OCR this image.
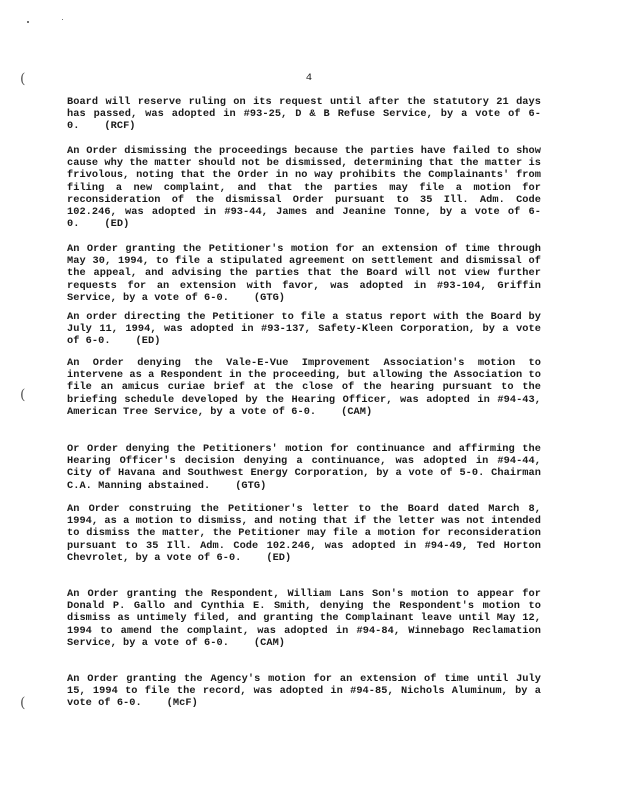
(
(
(
4

Board will reserve ruling on its request until after the statutory 21 days has passed, was adopted in #93-25, D & B Refuse Service, by a vote of 6-0. (RCF)

An Order dismissing the proceedings because the parties have failed to show cause why the matter should not be dismissed, determining that the matter is frivolous, noting that the Order in no way prohibits the Complainants' from filing a new complaint, and that the parties may file a motion for reconsideration of the dismissal Order pursuant to 35 Ill. Adm. Code 102.246, was adopted in #93-44, James and Jeanine Tonne, by a vote of 6-0. (ED)

An Order granting the Petitioner's motion for an extension of time through May 30, 1994, to file a stipulated agreement on settlement and dismissal of the appeal, and advising the parties that the Board will not view further requests for an extension with favor, was adopted in #93-104, Griffin Service, by a vote of 6-0. (GTG)

An order directing the Petitioner to file a status report with the Board by July 11, 1994, was adopted in #93-137, Safety-Kleen Corporation, by a vote of 6-0. (ED)

An Order denying the Vale-E-Vue Improvement Association's motion to intervene as a Respondent in the proceeding, but allowing the Association to file an amicus curiae brief at the close of the hearing pursuant to the briefing schedule developed by the Hearing Officer, was adopted in #94-43, American Tree Service, by a vote of 6-0. (CAM)

Or Order denying the Petitioners' motion for continuance and affirming the Hearing Officer's decision denying a continuance, was adopted in #94-44, City of Havana and Southwest Energy Corporation, by a vote of 5-0. Chairman C.A. Manning abstained. (GTG)

An Order construing the Petitioner's letter to the Board dated March 8, 1994, as a motion to dismiss, and noting that if the letter was not intended to dismiss the matter, the Petitioner may file a motion for reconsideration pursuant to 35 Ill. Adm. Code 102.246, was adopted in #94-49, Ted Horton Chevrolet, by a vote of 6-0. (ED)

An Order granting the Respondent, William Lans Son's motion to appear for Donald P. Gallo and Cynthia E. Smith, denying the Respondent's motion to dismiss as untimely filed, and granting the Complainant leave until May 12, 1994 to amend the complaint, was adopted in #94-84, Winnebago Reclamation Service, by a vote of 6-0. (CAM)

An Order granting the Agency's motion for an extension of time until July 15, 1994 to file the record, was adopted in #94-85, Nichols Aluminum, by a vote of 6-0. (McF)
